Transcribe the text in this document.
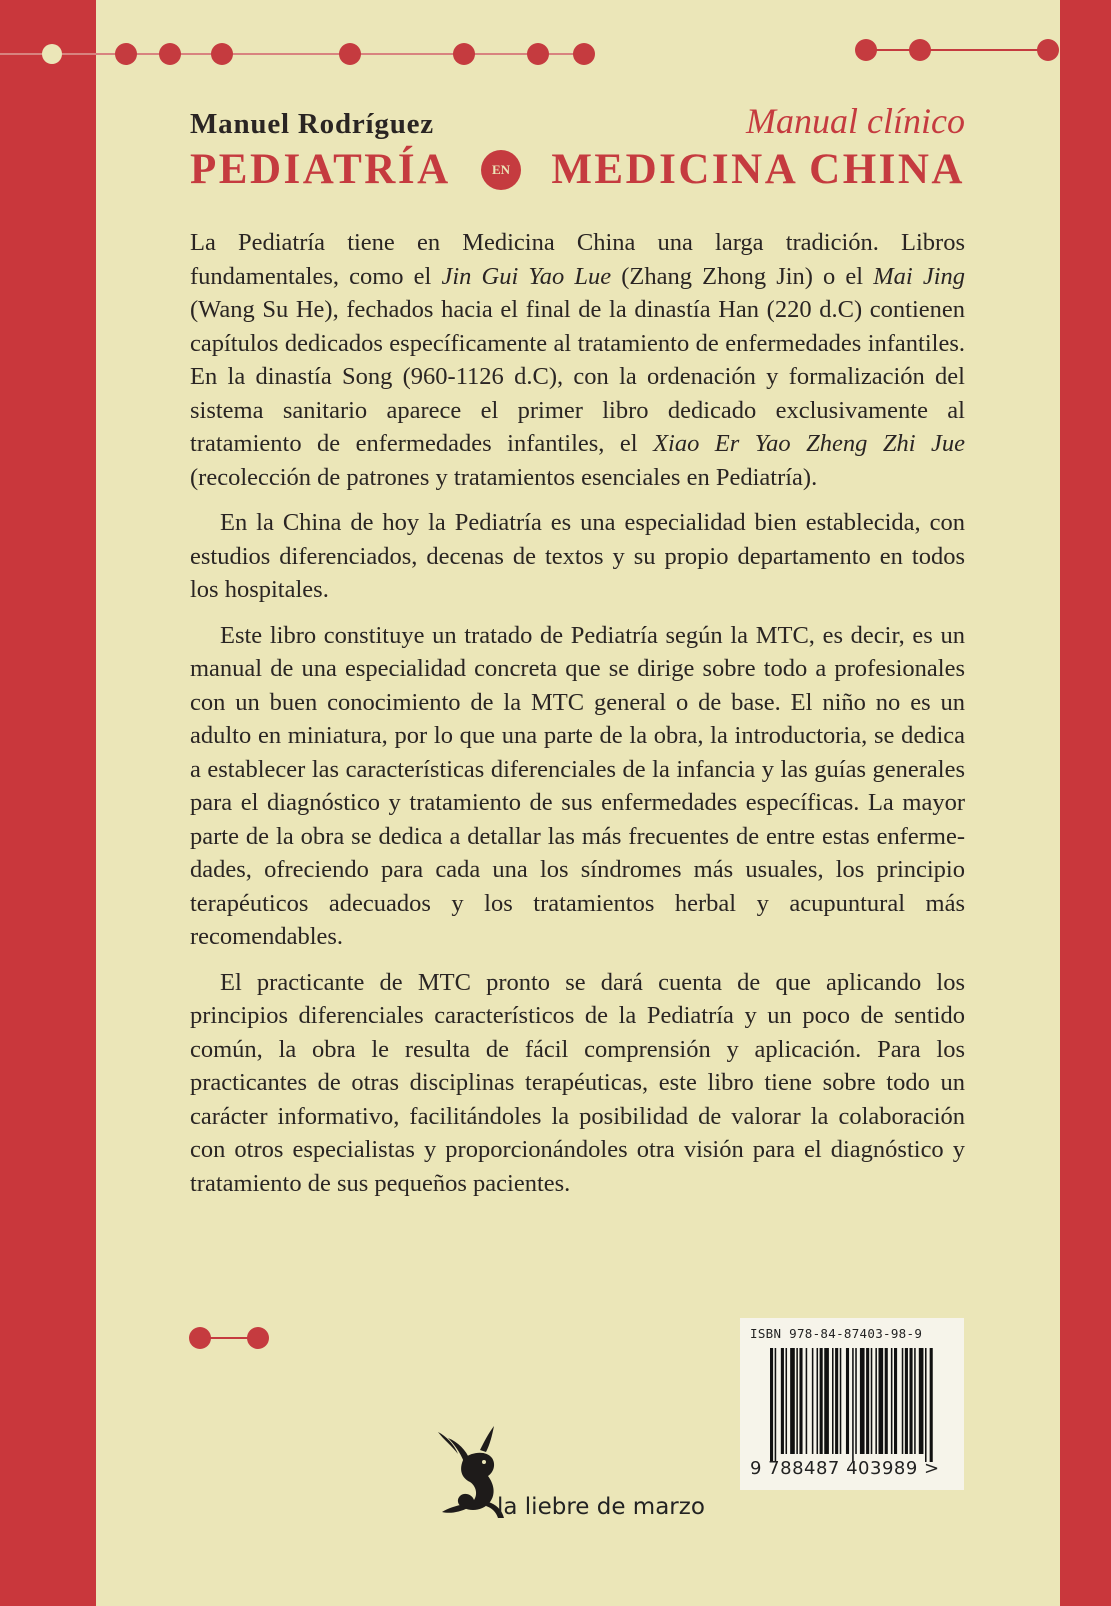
Manuel Rodríguez	Manual clínico
PEDIATRÍA	EN MEDICINA CHINA

La Pediatría tiene en Medicina China una larga tradición. Libros fundamentales, como el Jin Gui Yao Lue (Zhang Zhong Jin) o el Mai Jing (Wang Su He), fechados hacia el final de la dinastía Han (220 d.C) contienen capítulos dedicados específicamente al tratamiento de enfermedades infantiles. En la dinastía Song (960-1126 d.C), con la ordenación y formalización del sistema sanitario aparece el primer libro dedicado exclusivamente al tratamiento de enfermedades infantiles, el Xiao Er Yao Zheng Zhi Jue (recolección de patrones y tratamientos esenciales en Pediatría).

En la China de hoy la Pediatría es una especialidad bien establecida, con estudios diferenciados, decenas de textos y su propio departamento en todos los hospitales.

Este libro constituye un tratado de Pediatría según la MTC, es decir, es un manual de una especialidad concreta que se dirige sobre todo a profesionales con un buen conocimiento de la MTC general o de base. El niño no es un adulto en miniatura, por lo que una parte de la obra, la introductoria, se dedica a establecer las características diferenciales de la infancia y las guías generales para el diagnóstico y tratamiento de sus enfermedades específicas. La mayor parte de la obra se dedica a detallar las más frecuentes de entre estas enfermedades, ofreciendo para cada una los síndromes más usuales, los principio terapéuticos adecuados y los tratamientos herbal y acupuntural más recomendables.

El practicante de MTC pronto se dará cuenta de que aplicando los principios diferenciales característicos de la Pediatría y un poco de sentido común, la obra le resulta de fácil comprensión y aplicación. Para los practicantes de otras disciplinas terapéuticas, este libro tiene sobre todo un carácter informativo, facilitándoles la posibilidad de valorar la colaboración con otros especialistas y proporcionándoles otra visión para el diagnóstico y tratamiento de sus pequeños pacientes.

ISBN 978-84-87403-98-9
9 788487 403989 >
la liebre de marzo
